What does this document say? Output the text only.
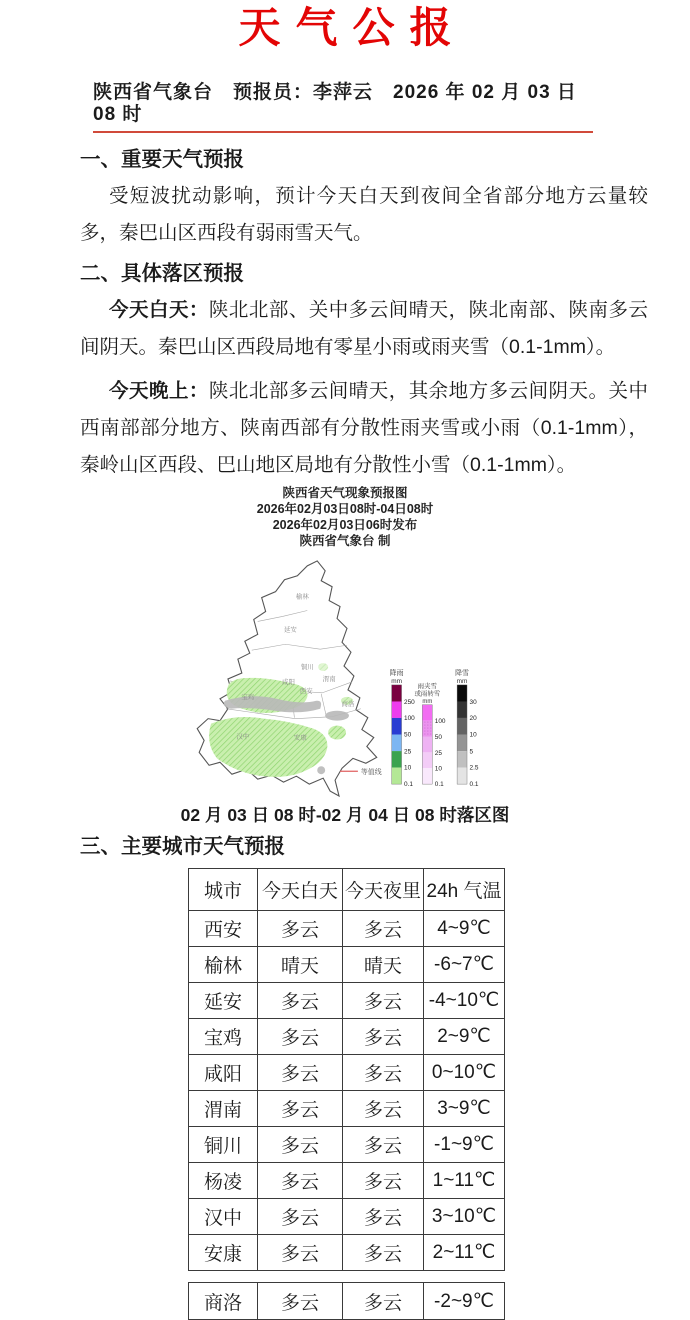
天气公报
陕西省气象台　预报员：李萍云　2026 年 02 月 03 日 08 时
一、重要天气预报

受短波扰动影响，预计今天白天到夜间全省部分地方云量较多，秦巴山区西段有弱雨雪天气。

二、具体落区预报

今天白天：陕北北部、关中多云间晴天，陕北南部、陕南多云间阴天。秦巴山区西段局地有零星小雨或雨夹雪（0.1-1mm）。

今天晚上：陕北北部多云间晴天，其余地方多云间阴天。关中西南部部分地方、陕南西部有分散性雨夹雪或小雨（0.1-1mm），秦岭山区西段、巴山地区局地有分散性小雪（0.1-1mm）。

陕西省天气现象预报图
2026年02月03日08时-04日08时
2026年02月03日06时发布
陕西省气象台 制
榆林
延安
铜川
咸阳	渭南
西安
宝鸡
商洛
汉中	安康
等值线
降雨
mm
250
100
50
25
10
0.1
雨夹雪
或雨转雪
mm
100
50
25
10
0.1
降雪
mm
30
20
10
5
2.5
0.1
02 月 03 日 08 时-02 月 04 日 08 时落区图
三、主要城市天气预报
城市	今天白天	今天夜里	24h 气温
西安	多云	多云	4~9℃
榆林	晴天	晴天	-6~7℃
延安	多云	多云	-4~10℃
宝鸡	多云	多云	2~9℃
咸阳	多云	多云	0~10℃
渭南	多云	多云	3~9℃
铜川	多云	多云	-1~9℃
杨凌	多云	多云	1~11℃
汉中	多云	多云	3~10℃
安康	多云	多云	2~11℃
商洛	多云	多云	-2~9℃
